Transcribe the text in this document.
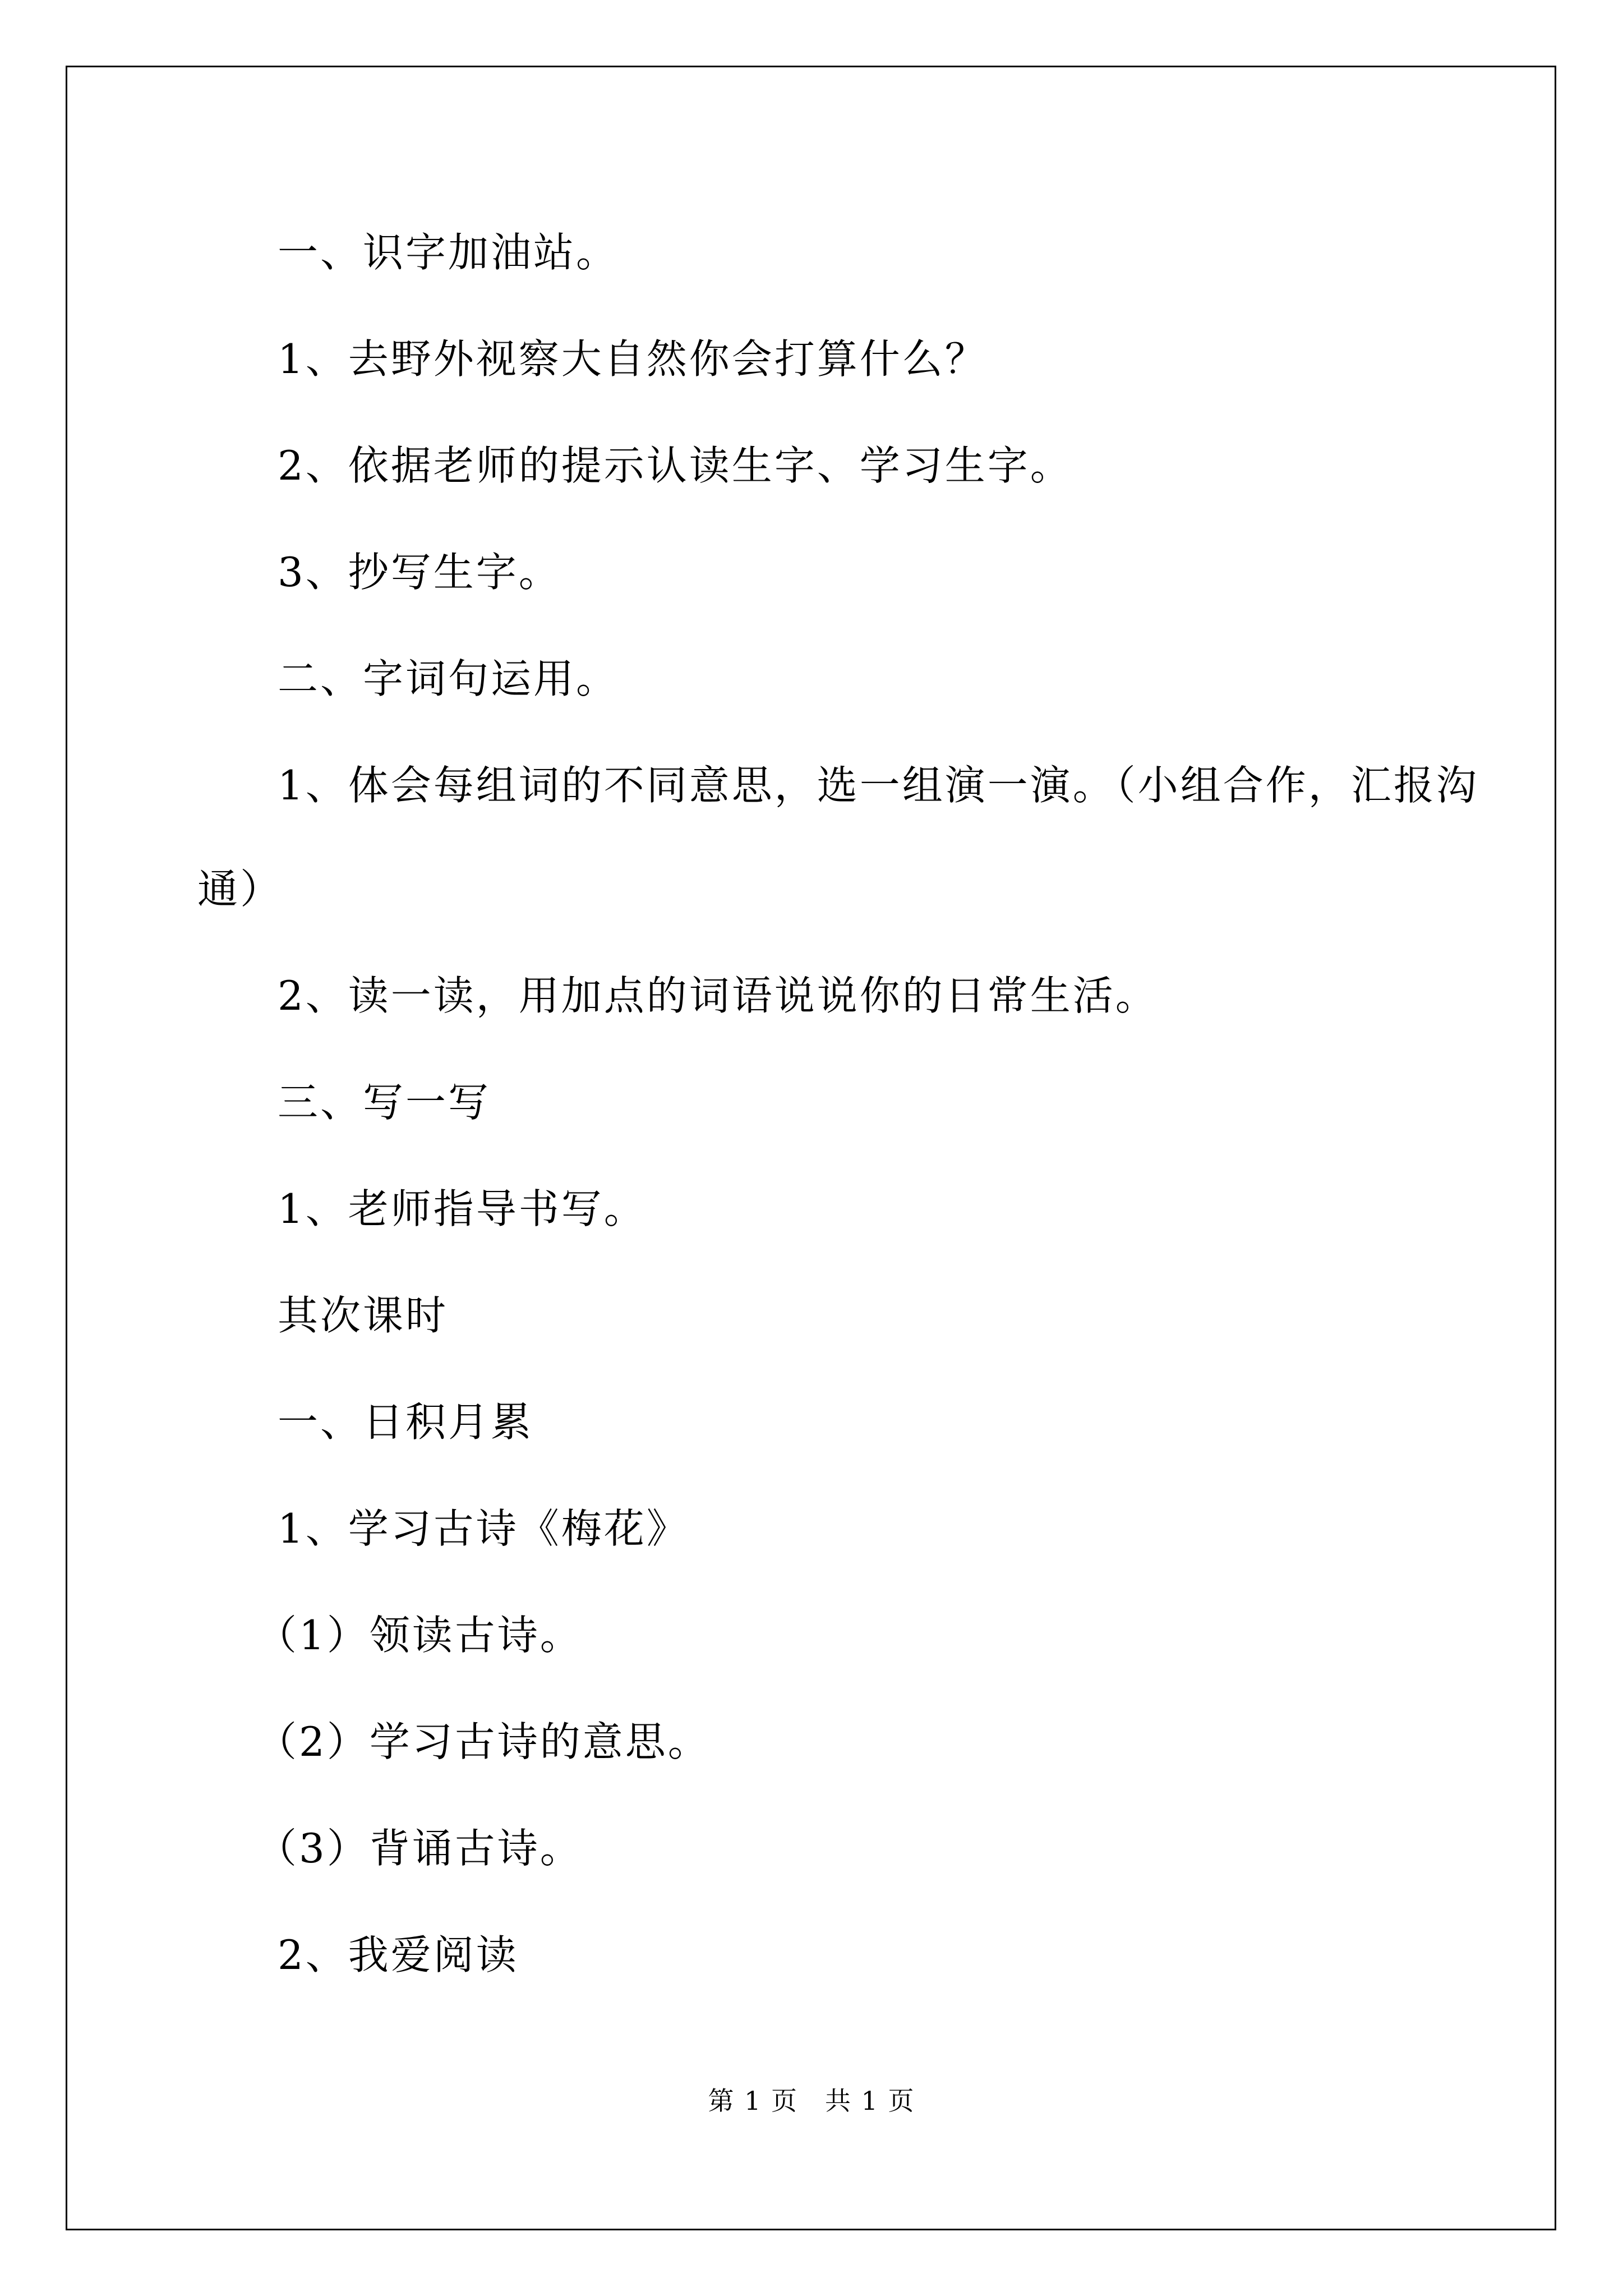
一、识字加油站。
1、去野外视察大自然你会打算什么？
2、依据老师的提示认读生字、学习生字。
3、抄写生字。
二、字词句运用。
1、体会每组词的不同意思，选一组演一演。（小组合作，汇报沟
通）
2、读一读，用加点的词语说说你的日常生活。
三、写一写
1、老师指导书写。
其次课时
一、日积月累
1、学习古诗《梅花》
（1）领读古诗。
（2）学习古诗的意思。
（3）背诵古诗。
2、我爱阅读
第 1 页　共 1 页
